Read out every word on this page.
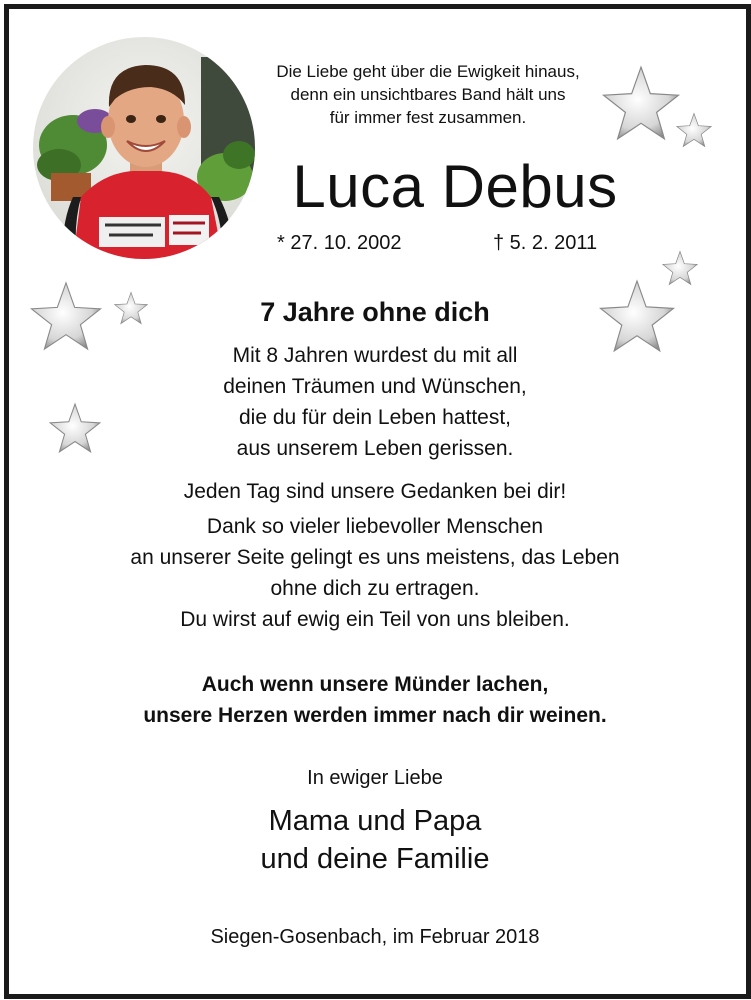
Die Liebe geht über die Ewigkeit hinaus,
denn ein unsichtbares Band hält uns
für immer fest zusammen.
Luca Debus
* 27. 10. 2002	† 5. 2. 2011
7 Jahre ohne dich
Mit 8 Jahren wurdest du mit all
deinen Träumen und Wünschen,
die du für dein Leben hattest,
aus unserem Leben gerissen.
Jeden Tag sind unsere Gedanken bei dir!
Dank so vieler liebevoller Menschen
an unserer Seite gelingt es uns meistens, das Leben
ohne dich zu ertragen.
Du wirst auf ewig ein Teil von uns bleiben.
Auch wenn unsere Münder lachen,
unsere Herzen werden immer nach dir weinen.
In ewiger Liebe
Mama und Papa
und deine Familie
Siegen-Gosenbach, im Februar 2018
